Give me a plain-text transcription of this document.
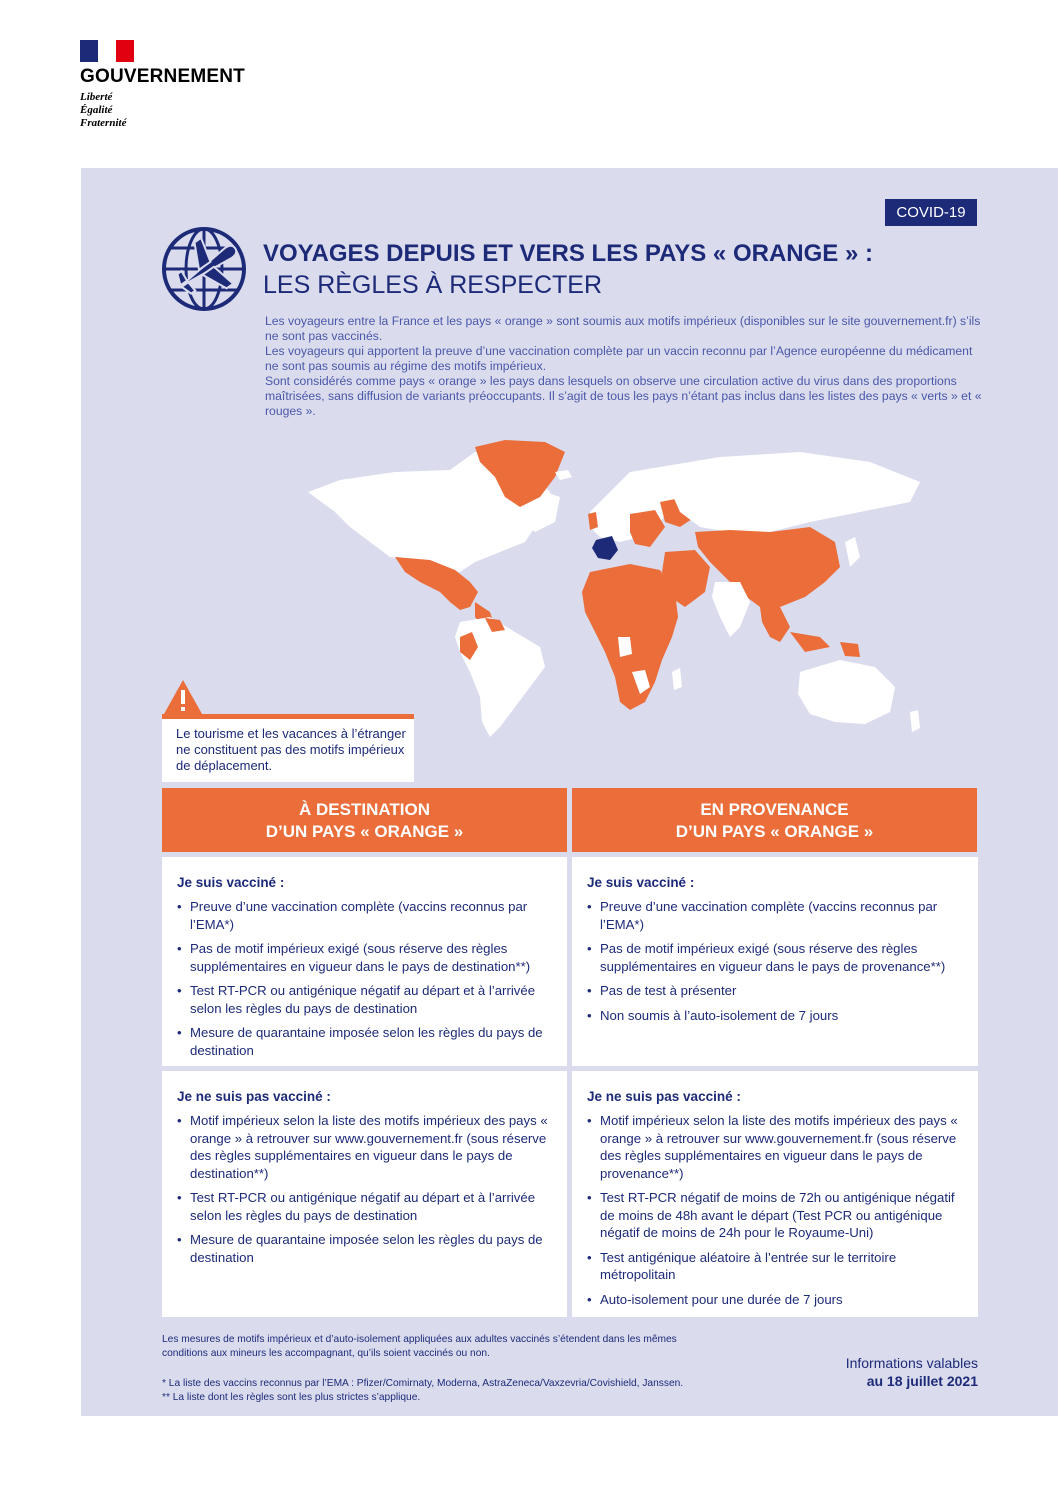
GOUVERNEMENT
Liberté
Égalité
Fraternité
COVID-19
VOYAGES DEPUIS ET VERS LES PAYS « ORANGE » :
LES RÈGLES À RESPECTER

Les voyageurs entre la France et les pays « orange » sont soumis aux motifs impérieux (disponibles sur le site gouvernement.fr) s’ils ne sont pas vaccinés.

Les voyageurs qui apportent la preuve d’une vaccination complète par un vaccin reconnu par l’Agence européenne du médicament ne sont pas soumis au régime des motifs impérieux.

Sont considérés comme pays « orange » les pays dans lesquels on observe une circulation active du virus dans des proportions maîtrisées, sans diffusion de variants préoccupants. Il s’agit de tous les pays n’étant pas inclus dans les listes des pays « verts » et « rouges ».

Le tourisme et les vacances à l’étranger ne constituent pas des motifs impérieux de déplacement.
À DESTINATION
D’UN PAYS « ORANGE »
EN PROVENANCE
D’UN PAYS « ORANGE »
Je suis vacciné :
• Preuve d’une vaccination complète (vaccins reconnus par l’EMA*)
• Pas de motif impérieux exigé (sous réserve des règles supplémentaires en vigueur dans le pays de destination**)
• Test RT-PCR ou antigénique négatif au départ et à l’arrivée selon les règles du pays de destination
• Mesure de quarantaine imposée selon les règles du pays de destination
Je suis vacciné :
• Preuve d’une vaccination complète (vaccins reconnus par l’EMA*)
• Pas de motif impérieux exigé (sous réserve des règles supplémentaires en vigueur dans le pays de provenance**)
• Pas de test à présenter
• Non soumis à l’auto-isolement de 7 jours
Je ne suis pas vacciné :
• Motif impérieux selon la liste des motifs impérieux des pays « orange » à retrouver sur www.gouvernement.fr (sous réserve des règles supplémentaires en vigueur dans le pays de destination**)
• Test RT-PCR ou antigénique négatif au départ et à l’arrivée selon les règles du pays de destination
• Mesure de quarantaine imposée selon les règles du pays de destination
Je ne suis pas vacciné :
• Motif impérieux selon la liste des motifs impérieux des pays « orange » à retrouver sur www.gouvernement.fr (sous réserve des règles supplémentaires en vigueur dans le pays de provenance**)
• Test RT-PCR négatif de moins de 72h ou antigénique négatif de moins de 48h avant le départ (Test PCR ou antigénique négatif de moins de 24h pour le Royaume-Uni)
• Test antigénique aléatoire à l’entrée sur le territoire métropolitain
• Auto-isolement pour une durée de 7 jours
Les mesures de motifs impérieux et d’auto-isolement appliquées aux adultes vaccinés s’étendent dans les mêmes conditions aux mineurs les accompagnant, qu’ils soient vaccinés ou non.
* La liste des vaccins reconnus par l’EMA : Pfizer/Comirnaty, Moderna, AstraZeneca/Vaxzevria/Covishield, Janssen.
** La liste dont les règles sont les plus strictes s’applique.
Informations valables
au 18 juillet 2021
